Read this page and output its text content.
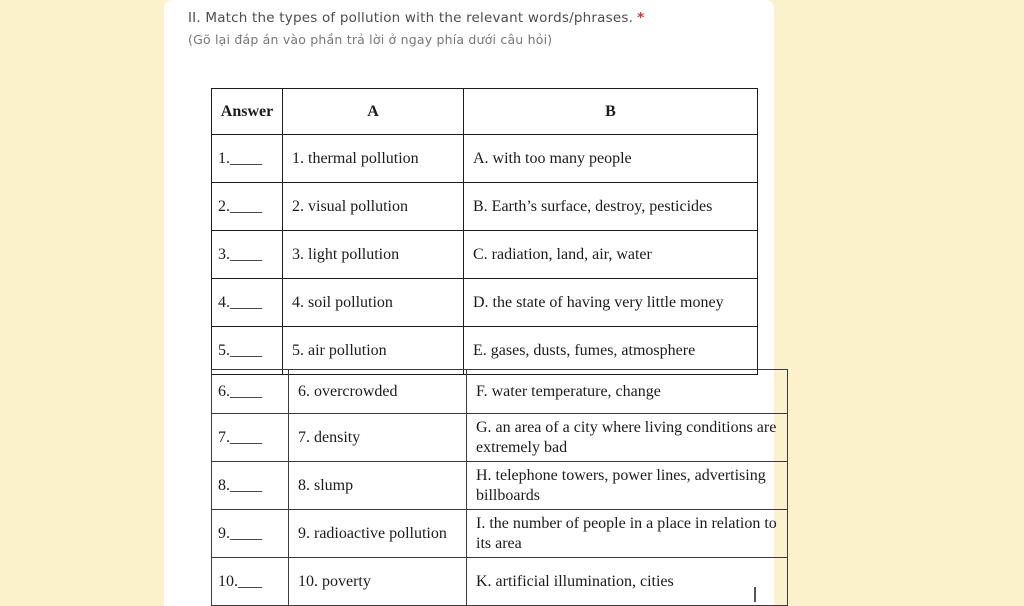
II. Match the types of pollution with the relevant words/phrases. *
(Gõ lại đáp án vào phần trả lời ở ngay phía dưới câu hỏi)
Answer	A	B
1.____	1. thermal pollution	A. with too many people
2.____	2. visual pollution	B. Earth’s surface, destroy, pesticides
3.____	3. light pollution	C. radiation, land, air, water
4.____	4. soil pollution	D. the state of having very little money
5.____	5. air pollution	E. gases, dusts, fumes, atmosphere
6.____	6. overcrowded	F. water temperature, change
7.____	7. density	G. an area of a city where living conditions are extremely bad
8.____	8. slump	H. telephone towers, power lines, advertising billboards
9.____	9. radioactive pollution	I. the number of people in a place in relation to its area
10.___	10. poverty	K. artificial illumination, cities
